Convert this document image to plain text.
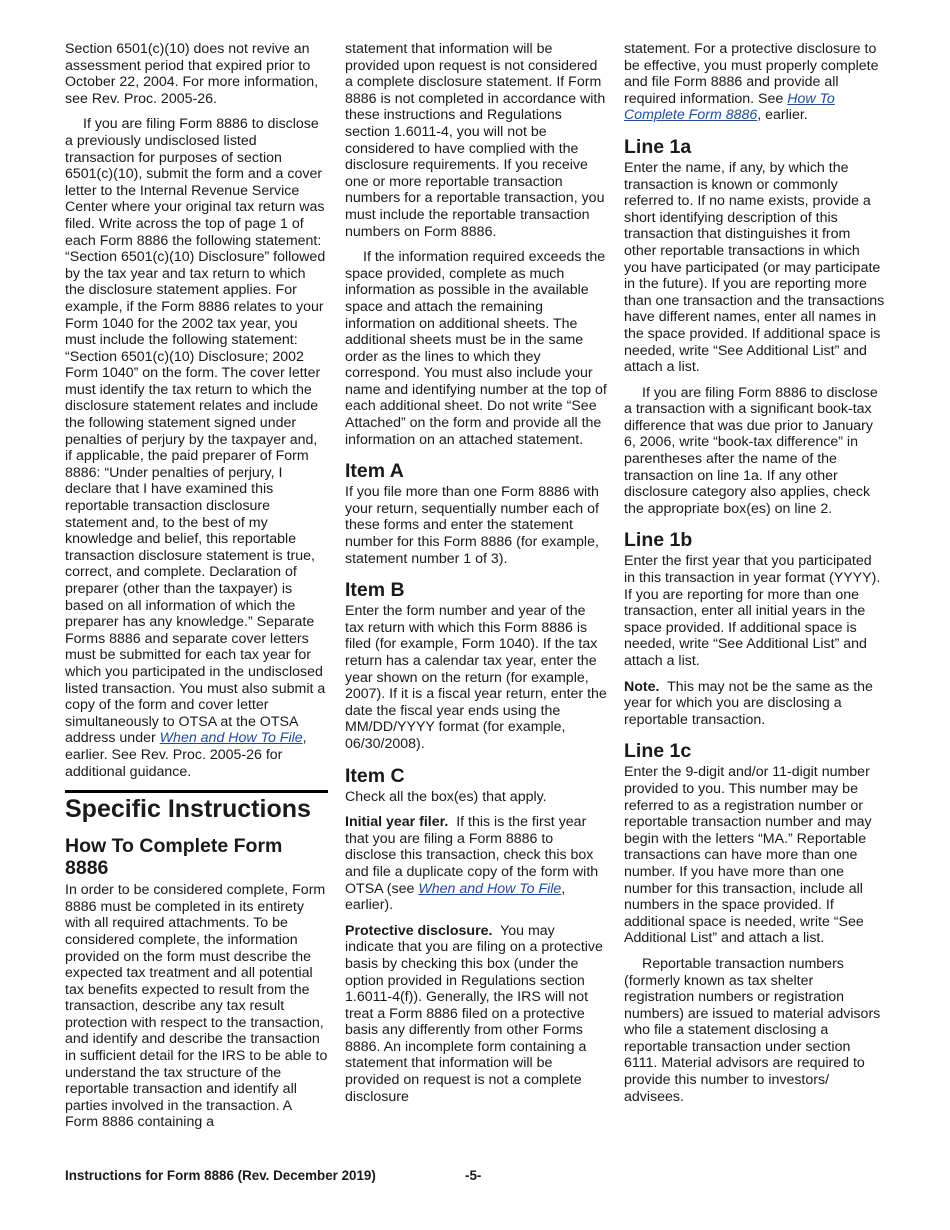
Section 6501(c)(10) does not revive an assessment period that expired prior to October 22, 2004. For more information, see Rev. Proc. 2005-26.

If you are filing Form 8886 to disclose a previously undisclosed listed transaction for purposes of section 6501(c)(10), submit the form and a cover letter to the Internal Revenue Service Center where your original tax return was filed. Write across the top of page 1 of each Form 8886 the following statement: “Section 6501(c)(10) Disclosure” followed by the tax year and tax return to which the disclosure statement applies. For example, if the Form 8886 relates to your Form 1040 for the 2002 tax year, you must include the following statement: “Section 6501(c)(10) Disclosure; 2002 Form 1040” on the form. The cover letter must identify the tax return to which the disclosure statement relates and include the following statement signed under penalties of perjury by the taxpayer and, if applicable, the paid preparer of Form 8886: “Under penalties of perjury, I declare that I have examined this reportable transaction disclosure statement and, to the best of my knowledge and belief, this reportable transaction disclosure statement is true, correct, and complete. Declaration of preparer (other than the taxpayer) is based on all information of which the preparer has any knowledge.” Separate Forms 8886 and separate cover letters must be submitted for each tax year for which you participated in the undisclosed listed transaction. You must also submit a copy of the form and cover letter simultaneously to OTSA at the OTSA address under When and How To File, earlier. See Rev. Proc. 2005-26 for additional guidance.

Specific Instructions
How To Complete Form 8886

In order to be considered complete, Form 8886 must be completed in its entirety with all required attachments. To be considered complete, the information provided on the form must describe the expected tax treatment and all potential tax benefits expected to result from the transaction, describe any tax result protection with respect to the transaction, and identify and describe the transaction in sufficient detail for the IRS to be able to understand the tax structure of the reportable transaction and identify all parties involved in the transaction. A Form 8886 containing a

statement that information will be provided upon request is not considered a complete disclosure statement. If Form 8886 is not completed in accordance with these instructions and Regulations section 1.6011-4, you will not be considered to have complied with the disclosure requirements. If you receive one or more reportable transaction numbers for a reportable transaction, you must include the reportable transaction numbers on Form 8886.

If the information required exceeds the space provided, complete as much information as possible in the available space and attach the remaining information on additional sheets. The additional sheets must be in the same order as the lines to which they correspond. You must also include your name and identifying number at the top of each additional sheet. Do not write “See Attached” on the form and provide all the information on an attached statement.

Item A

If you file more than one Form 8886 with your return, sequentially number each of these forms and enter the statement number for this Form 8886 (for example, statement number 1 of 3).

Item B

Enter the form number and year of the tax return with which this Form 8886 is filed (for example, Form 1040). If the tax return has a calendar tax year, enter the year shown on the return (for example, 2007). If it is a fiscal year return, enter the date the fiscal year ends using the MM/DD/YYYY format (for example, 06/30/2008).

Item C

Check all the box(es) that apply.

Initial year filer. If this is the first year that you are filing a Form 8886 to disclose this transaction, check this box and file a duplicate copy of the form with OTSA (see When and How To File, earlier).

Protective disclosure. You may indicate that you are filing on a protective basis by checking this box (under the option provided in Regulations section 1.6011-4(f)). Generally, the IRS will not treat a Form 8886 filed on a protective basis any differently from other Forms 8886. An incomplete form containing a statement that information will be provided on request is not a complete disclosure

statement. For a protective disclosure to be effective, you must properly complete and file Form 8886 and provide all required information. See How To Complete Form 8886, earlier.

Line 1a

Enter the name, if any, by which the transaction is known or commonly referred to. If no name exists, provide a short identifying description of this transaction that distinguishes it from other reportable transactions in which you have participated (or may participate in the future). If you are reporting more than one transaction and the transactions have different names, enter all names in the space provided. If additional space is needed, write “See Additional List” and attach a list.

If you are filing Form 8886 to disclose a transaction with a significant book-tax difference that was due prior to January 6, 2006, write “book-tax difference” in parentheses after the name of the transaction on line 1a. If any other disclosure category also applies, check the appropriate box(es) on line 2.

Line 1b

Enter the first year that you participated in this transaction in year format (YYYY). If you are reporting for more than one transaction, enter all initial years in the space provided. If additional space is needed, write “See Additional List” and attach a list.

Note. This may not be the same as the year for which you are disclosing a reportable transaction.

Line 1c

Enter the 9-digit and/or 11-digit number provided to you. This number may be referred to as a registration number or reportable transaction number and may begin with the letters “MA.” Reportable transactions can have more than one number. If you have more than one number for this transaction, include all numbers in the space provided. If additional space is needed, write “See Additional List” and attach a list.

Reportable transaction numbers (formerly known as tax shelter registration numbers or registration numbers) are issued to material advisors who file a statement disclosing a reportable transaction under section 6111. Material advisors are required to provide this number to investors/ advisees.

Instructions for Form 8886 (Rev. December 2019)	-5-
